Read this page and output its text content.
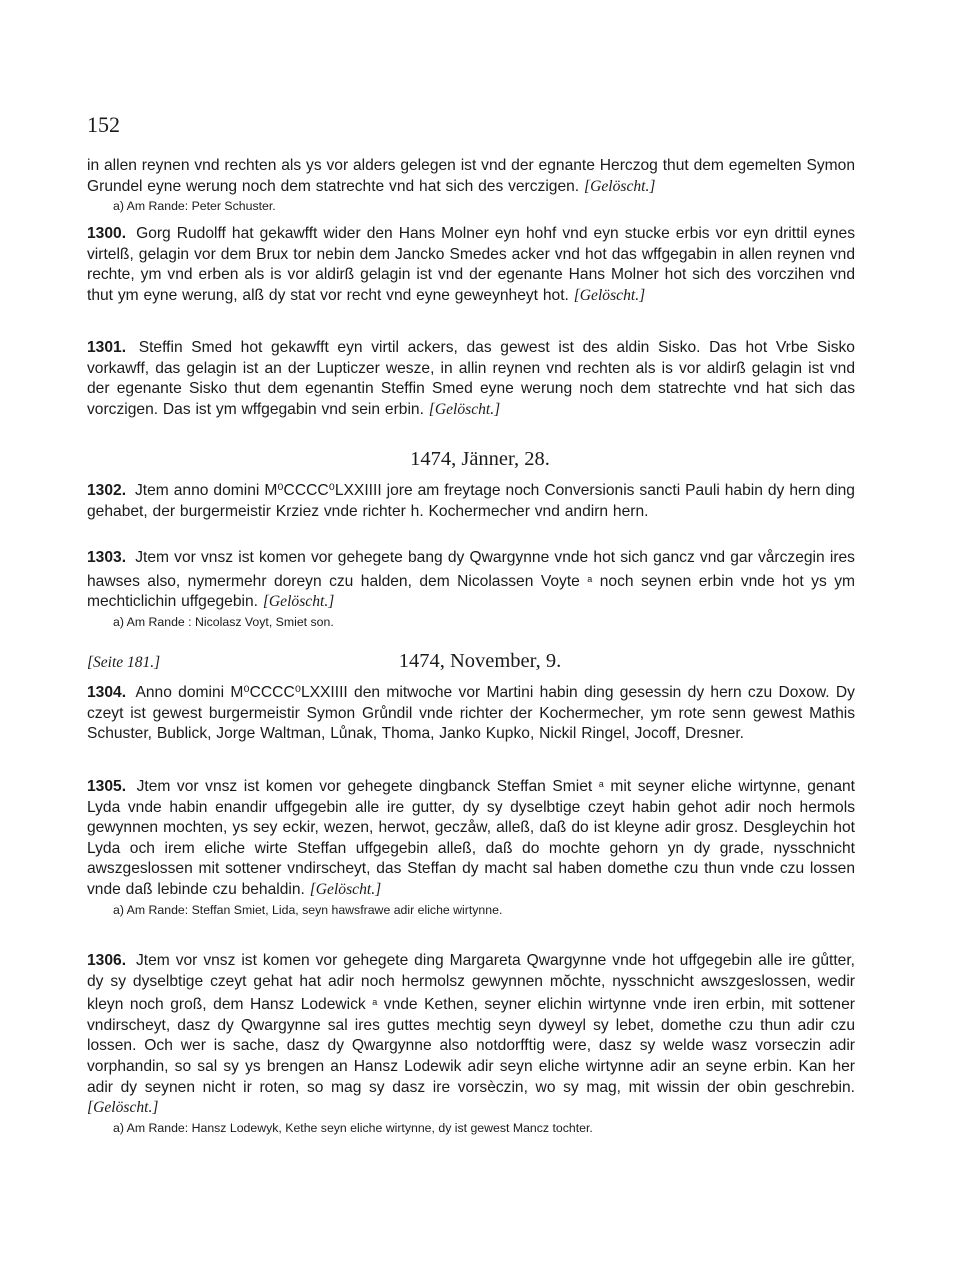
152

in allen reynen vnd rechten als ys vor alders gelegen ist vnd der egnante Herczog thut dem egemelten Symon Grundel eyne werung noch dem statrechte vnd hat sich des verczigen. [Gelöscht.]

a) Am Rande: Peter Schuster.

1300. Gorg Rudolff hat gekawfft wider den Hans Molner eyn hohf vnd eyn stucke erbis vor eyn drittil eynes virtelß, gelagin vor dem Brux tor nebin dem Jancko Smedes acker vnd hot das wffgegabin in allen reynen vnd rechte, ym vnd erben als is vor aldirß gelagin ist vnd der egenante Hans Molner hot sich des vorczihen vnd thut ym eyne werung, alß dy stat vor recht vnd eyne geweynheyt hot. [Gelöscht.]

1301. Steffin Smed hot gekawfft eyn virtil ackers, das gewest ist des aldin Sisko. Das hot Vrbe Sisko vorkawff, das gelagin ist an der Lupticzer wesze, in allin reynen vnd rechten als is vor aldirß gelagin ist vnd der egenante Sisko thut dem egenantin Steffin Smed eyne werung noch dem statrechte vnd hat sich das vorczigen. Das ist ym wffgegabin vnd sein erbin. [Gelöscht.]

1474, Jänner, 28.

1302. Jtem anno domini M⁰CCCC⁰LXXIIII jore am freytage noch Conversionis sancti Pauli habin dy hern ding gehabet, der burgermeistir Krziez vnde richter h. Kochermecher vnd andirn hern.

1303. Jtem vor vnsz ist komen vor gehegete bang dy Qwargynne vnde hot sich gancz vnd gar vårczegin ires hawses also, nymermehr doreyn czu halden, dem Nicolassen Voyte $^a$ noch seynen erbin vnde hot ys ym mechticlichin uffgegebin. [Gelöscht.]

a) Am Rande : Nicolasz Voyt, Smiet son.

[Seite 181.]	1474, November, 9.

1304. Anno domini M⁰CCCC⁰LXXIIII den mitwoche vor Martini habin ding gesessin dy hern czu Doxow. Dy czeyt ist gewest burgermeistir Symon Grůndil vnde richter der Kochermecher, ym rote senn gewest Mathis Schuster, Bublick, Jorge Waltman, Lůnak, Thoma, Janko Kupko, Nickil Ringel, Jocoff, Dresner.

1305. Jtem vor vnsz ist komen vor gehegete dingbanck Steffan Smiet $^a$ mit seyner eliche wirtynne, genant Lyda vnde habin enandir uffgegebin alle ire gutter, dy sy dyselbtige czeyt habin gehot adir noch hermols gewynnen mochten, ys sey eckir, wezen, herwot, geczåw, alleß, daß do ist kleyne adir grosz. Desgleychin hot Lyda och irem eliche wirte Steffan uffgegebin alleß, daß do mochte gehorn yn dy grade, nysschnicht awszgeslossen mit sottener vndirscheyt, das Steffan dy macht sal haben domethe czu thun vnde czu lossen vnde daß lebinde czu behaldin. [Gelöscht.]

a) Am Rande: Steffan Smiet, Lida, seyn hawsfrawe adir eliche wirtynne.

1306. Jtem vor vnsz ist komen vor gehegete ding Margareta Qwargynne vnde hot uffgegebin alle ire gůtter, dy sy dyselbtige czeyt gehat hat adir noch hermolsz gewynnen mŏchte, nysschnicht awszgeslossen, wedir kleyn noch groß, dem Hansz Lodewick $^a$ vnde Kethen, seyner elichin wirtynne vnde iren erbin, mit sottener vndirscheyt, dasz dy Qwargynne sal ires guttes mechtig seyn dyweyl sy lebet, domethe czu thun adir czu lossen. Och wer is sache, dasz dy Qwargynne also notdorfftig were, dasz sy welde wasz vorseczin adir vorphandin, so sal sy ys brengen an Hansz Lodewik adir seyn eliche wirtynne adir an seyne erbin. Kan her adir dy seynen nicht ir roten, so mag sy dasz ire vorsèczin, wo sy mag, mit wissin der obin geschrebin. [Gelöscht.]

a) Am Rande: Hansz Lodewyk, Kethe seyn eliche wirtynne, dy ist gewest Mancz tochter.
